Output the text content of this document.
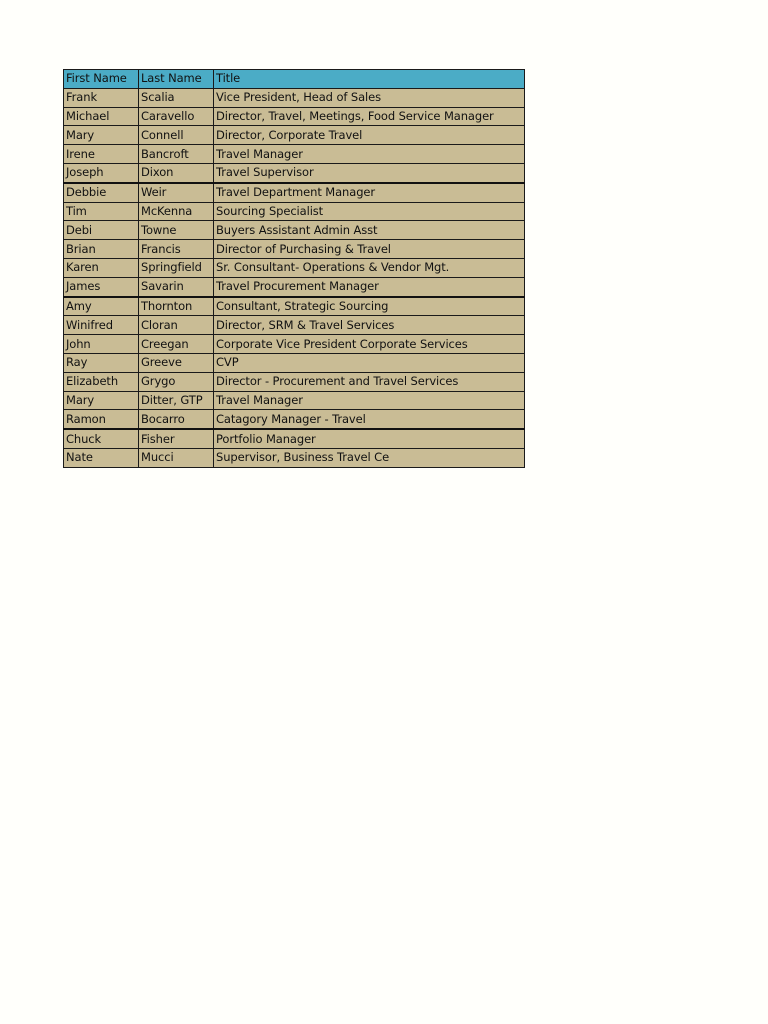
First Name	Last Name	Title
Frank	Scalia	Vice President, Head of Sales
Michael	Caravello	Director, Travel, Meetings, Food Service Manager
Mary	Connell	Director, Corporate Travel
Irene	Bancroft	Travel Manager
Joseph	Dixon	Travel Supervisor
Debbie	Weir	Travel Department Manager
Tim	McKenna	Sourcing Specialist
Debi	Towne	Buyers Assistant Admin Asst
Brian	Francis	Director of Purchasing & Travel
Karen	Springfield	Sr. Consultant- Operations & Vendor Mgt.
James	Savarin	Travel Procurement Manager
Amy	Thornton	Consultant, Strategic Sourcing
Winifred	Cloran	Director, SRM & Travel Services
John	Creegan	Corporate Vice President Corporate Services
Ray	Greeve	CVP
Elizabeth	Grygo	Director - Procurement and Travel Services
Mary	Ditter, GTP	Travel Manager
Ramon	Bocarro	Catagory Manager - Travel
Chuck	Fisher	Portfolio Manager
Nate	Mucci	Supervisor, Business Travel Ce
